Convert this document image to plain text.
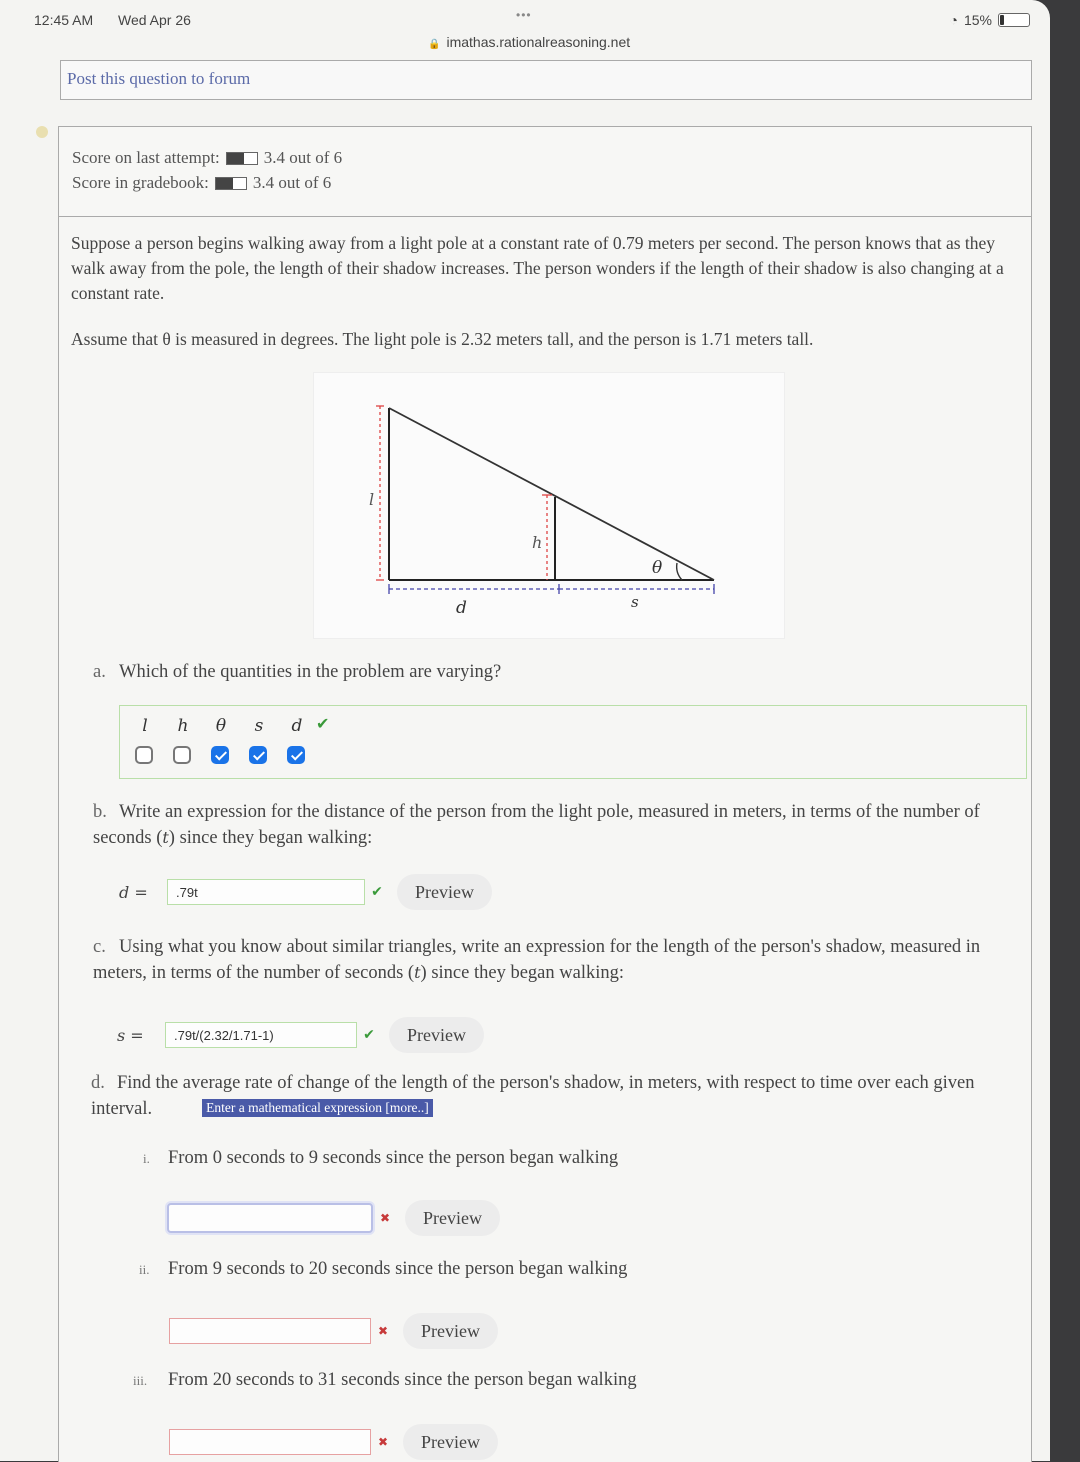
12:45 AM Wed Apr 26	•••
🔒 imathas.rationalreasoning.net
◔ 15%
Post this question to forum
Score on last attempt:	3.4 out of 6
Score in gradebook:	3.4 out of 6
Suppose a person begins walking away from a light pole at a constant rate of 0.79 meters per second. The person knows that as they walk away from the pole, the length of their shadow increases. The person wonders if the length of their shadow is also changing at a constant rate.
Assume that θ is measured in degrees. The light pole is 2.32 meters tall, and the person is 1.71 meters tall.
l
h
θ
d	s
a. Which of the quantities in the problem are varying?
l	h	θ	s	d ✔
b. Write an expression for the distance of the person from the light pole, measured in meters, in terms of the number of seconds (t) since they began walking:
d =	.79t	✔	Preview
c. Using what you know about similar triangles, write an expression for the length of the person's shadow, measured in meters, in terms of the number of seconds (t) since they began walking:
s =	.79t/(2.32/1.71-1)	✔	Preview
d. Find the average rate of change of the length of the person's shadow, in meters, with respect to time over each given interval.	Enter a mathematical expression [more..]
i. From 0 seconds to 9 seconds since the person began walking
✖	Preview
ii. From 9 seconds to 20 seconds since the person began walking
✖	Preview
iii. From 20 seconds to 31 seconds since the person began walking
✖	Preview
